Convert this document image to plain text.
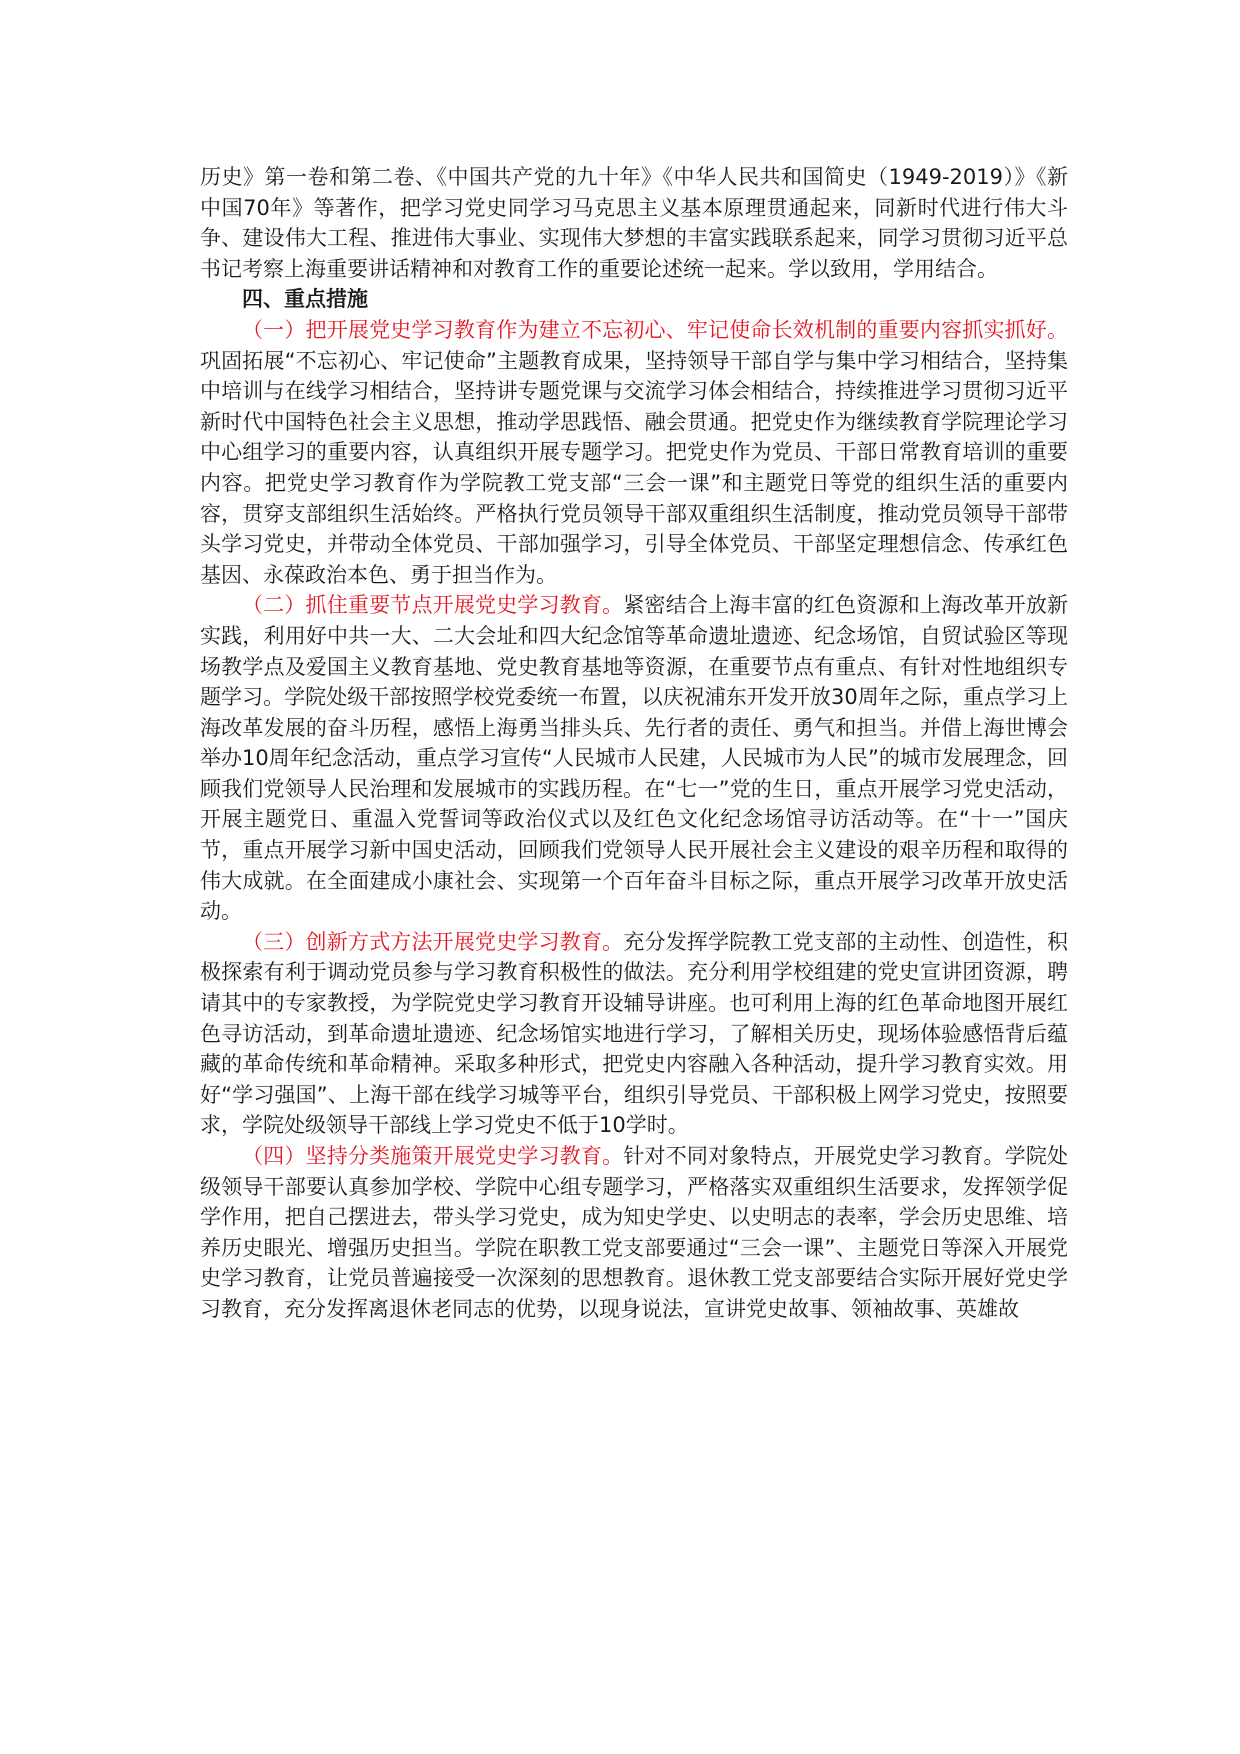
历史》第一卷和第二卷、《中国共产党的九十年》《中华人民共和国简史（1949-2019）》《新中国70年》等著作，把学习党史同学习马克思主义基本原理贯通起来，同新时代进行伟大斗争、建设伟大工程、推进伟大事业、实现伟大梦想的丰富实践联系起来，同学习贯彻习近平总书记考察上海重要讲话精神和对教育工作的重要论述统一起来。学以致用，学用结合。

四、重点措施

（一）把开展党史学习教育作为建立不忘初心、牢记使命长效机制的重要内容抓实抓好。巩固拓展“不忘初心、牢记使命”主题教育成果，坚持领导干部自学与集中学习相结合，坚持集中培训与在线学习相结合，坚持讲专题党课与交流学习体会相结合，持续推进学习贯彻习近平新时代中国特色社会主义思想，推动学思践悟、融会贯通。把党史作为继续教育学院理论学习中心组学习的重要内容，认真组织开展专题学习。把党史作为党员、干部日常教育培训的重要内容。把党史学习教育作为学院教工党支部“三会一课”和主题党日等党的组织生活的重要内容，贯穿支部组织生活始终。严格执行党员领导干部双重组织生活制度，推动党员领导干部带头学习党史，并带动全体党员、干部加强学习，引导全体党员、干部坚定理想信念、传承红色基因、永葆政治本色、勇于担当作为。

（二）抓住重要节点开展党史学习教育。紧密结合上海丰富的红色资源和上海改革开放新实践，利用好中共一大、二大会址和四大纪念馆等革命遗址遗迹、纪念场馆，自贸试验区等现场教学点及爱国主义教育基地、党史教育基地等资源，在重要节点有重点、有针对性地组织专题学习。学院处级干部按照学校党委统一布置，以庆祝浦东开发开放30周年之际，重点学习上海改革发展的奋斗历程，感悟上海勇当排头兵、先行者的责任、勇气和担当。并借上海世博会举办10周年纪念活动，重点学习宣传“人民城市人民建，人民城市为人民”的城市发展理念，回顾我们党领导人民治理和发展城市的实践历程。在“七一”党的生日，重点开展学习党史活动，开展主题党日、重温入党誓词等政治仪式以及红色文化纪念场馆寻访活动等。在“十一”国庆节，重点开展学习新中国史活动，回顾我们党领导人民开展社会主义建设的艰辛历程和取得的伟大成就。在全面建成小康社会、实现第一个百年奋斗目标之际，重点开展学习改革开放史活动。

（三）创新方式方法开展党史学习教育。充分发挥学院教工党支部的主动性、创造性，积极探索有利于调动党员参与学习教育积极性的做法。充分利用学校组建的党史宣讲团资源，聘请其中的专家教授，为学院党史学习教育开设辅导讲座。也可利用上海的红色革命地图开展红色寻访活动，到革命遗址遗迹、纪念场馆实地进行学习，了解相关历史，现场体验感悟背后蕴藏的革命传统和革命精神。采取多种形式，把党史内容融入各种活动，提升学习教育实效。用好“学习强国”、上海干部在线学习城等平台，组织引导党员、干部积极上网学习党史，按照要求，学院处级领导干部线上学习党史不低于10学时。

（四）坚持分类施策开展党史学习教育。针对不同对象特点，开展党史学习教育。学院处级领导干部要认真参加学校、学院中心组专题学习，严格落实双重组织生活要求，发挥领学促学作用，把自己摆进去，带头学习党史，成为知史学史、以史明志的表率，学会历史思维、培养历史眼光、增强历史担当。学院在职教工党支部要通过“三会一课”、主题党日等深入开展党史学习教育，让党员普遍接受一次深刻的思想教育。退休教工党支部要结合实际开展好党史学习教育，充分发挥离退休老同志的优势，以现身说法，宣讲党史故事、领袖故事、英雄故
